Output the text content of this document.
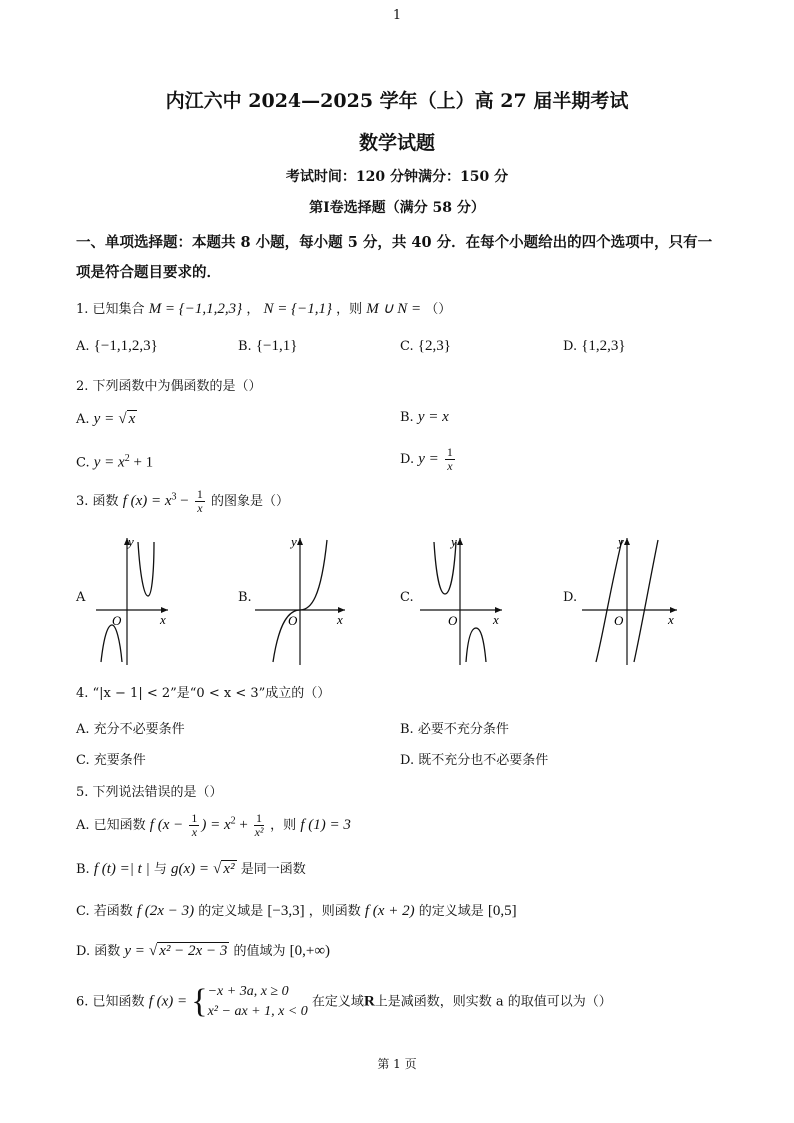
1
内江六中 2024—2025 学年（上）高 27 届半期考试
数学试题
考试时间：120 分钟满分：150 分
第Ⅰ卷选择题（满分 58 分）
一、单项选择题：本题共 8 小题，每小题 5 分，共 40 分．在每个小题给出的四个选项中，只有一项是符合题目要求的．
1. 已知集合 M = {−1,1,2,3} ， N = {−1,1} ，则 M ∪ N = （）
A. {−1,1,2,3}	B. {−1,1}	C. {2,3}	D. {1,2,3}
2. 下列函数中为偶函数的是（）
A. y = √ x	B. y = x
C. $y = x^2 + 1$	D. $y = \frac{1}{x}$
3. 函数 f $(x) = x^3 - \frac{1}{x}$ 的图象是（）
A
y
O	x
B.
y
O	x
C.
y
O	x
D.
y
O	x
4. “|x − 1| < 2”是“0 < x < 3”成立的（）
A. 充分不必要条件	B. 必要不充分条件
C. 充要条件	D. 既不充分也不必要条件
5. 下列说法错误的是（）
A. 已知函数 f ($x - \frac{1}{x}$ ) = $x^2 + \frac{1}{\text{x²}}$ ，则 f (1) = 3
B. f (t) =| t | 与 g(x) = √ x² 是同一函数
C. 若函数 f (2x − 3) 的定义域是 [−3,3] ，则函数 f (x + 2) 的定义域是 [0,5]
D. 函数 y = √ x² − 2x − 3 的值域为 [0,+∞)
6. 已知函数 f (x) = { −x + 3a, x ≥ 0
x² − ax + 1, x < 0
在定义域R上是减函数，则实数 a 的取值可以为（）
第 1 页
